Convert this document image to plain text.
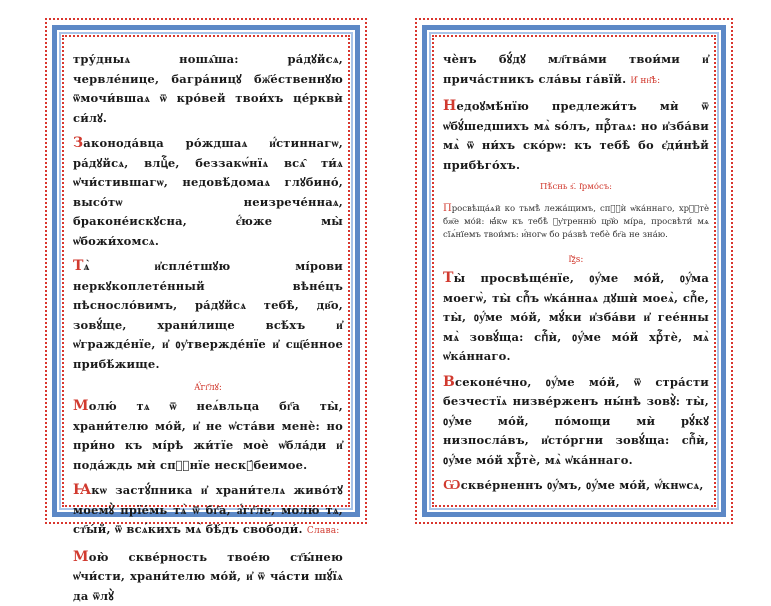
тру́дныѧ ношѧ̑ша: ра́дꙋйсѧ, червле́нице, багра́ницꙋ бж҃е́ственнꙋю ѿмочи́вшаѧ ѿ кро́вей твои́хъ це́рквѝ си́лꙋ.

Законода́вца ро́ждшаѧ и҆́стиннагѡ, ра́дꙋйсѧ, влцⷭ҇е, беззакѡ́нїѧ всѧ̑ ти́ѧ ѡ҆чи́стившагѡ, недовѣ́домаѧ глꙋбино́, высо́тѡ неизрече́ннаѧ, браконе́искꙋсна, є҆́юже мы̀ ѡ҆божи́хомсѧ.

Тѧ̀ и҆спле́тшꙋю мі́рови неркꙋкоплете́нный вѣне́цъ пѣсносло́вимъ, ра́дꙋйсѧ тебѣ̀, дв҃о, зовꙋ́ще, храни́лище всѣ́хъ и҆ ѡ҆гражде́нїе, и҆ ᲂу҆твержде́нїе и҆ сщ҃е́нное прибѣ́жище.

А҆́гг҃лꙋ:

Молю́ тѧ ѿ неѧ́вльца бг҃а ты̀, храни́телю мо́й, и҆ не ѡ҆ста́ви менѐ: но при́но къ мі́рѣ жи́тїе моѐ ѡ҆бла́ди и҆ пода́ждь мѝ спⷭ҇нїе нескꙋ́беимое.

Ꙗкѡ застꙋ́пника и҆ храни́телѧ живо́тꙋ моемꙋ̀ прїе́мь тѧ̀ ѿ бг҃а, а҆́гг҃ле, молю́ тѧ, ст҃ы́й, ѿ всѧ́кихъ мѧ̀ бѣ́дъ свободи́. Слава:

Мою̀ скве́рность твое́ю ст҃ы́нею ѡ҆чи́сти, храни́телю мо́й, и҆ ѿ ча́сти шꙋ́їѧ да ѿлꙋ̀

чѐнъ бꙋ́дꙋ мл҃тва́ми твои́ми и҆ прича́стникъ сла́вы га́вїй. И҆ нн҃ѣ:

Недоꙋмѣ́нїю предлежи́тъ мѝ ѿ ѡ҆бꙋ́шедшихъ мѧ̀ ѕо́лъ, прⷭ҇таѧ: но и҆зба́ви мѧ̀ ѿ ни́хъ ско́рѡ: къ тебѣ̀ бо є҆ди́нѣй прибѣго́хъ.

Пѣ́снь ѕ҃. І҆рмо́съ:

Просвѣща́ѧй ко тьмѣ̀ лежа́щимъ, спⷭ҇ѝ ѡ҆ка́ннаго, хрⷭ҇тѐ бж҃е мо́й: ꙗ҆́кѡ къ тебѣ̀ ᲂу҆тренню́ цр҃ю̀ мі́ра, просвѣти́ мѧ сїѧ́нїемъ твои́мъ: и҆́ногѡ бо ра́звѣ тебѐ бг҃а не зна́ю.

І҆ꙁ҃ѕ:

Ты̀ просвѣще́нїе, ᲂу҆́ме мо́й, ᲂу҆́ма моегѡ̀, ты̀ спⷭ҇ъ ѡ҆ка́ннаѧ дꙋшѝ моеѧ̀, спⷭ҇е, ты̀, ᲂу҆́ме мо́й, мꙋ́ки и҆зба́ви и҆ гее́нны мѧ̀ зовꙋ́ща: спⷭ҇ѝ, ᲂу҆́ме мо́й хрⷭ҇тѐ, мѧ̀ ѡ҆ка́ннаго.

Всеконе́чно, ᲂу҆́ме мо́й, ѿ стра́сти безчестїѧ низве́рженъ ны́нѣ зовꙋ̀: ты̀, ᲂу҆́ме мо́й, по́мощи мѝ рꙋ́кꙋ низпосла́въ, и҆сто́ргни зовꙋ́ща: спⷭ҇ѝ, ᲂу҆́ме мо́й хрⷭ҇тѐ, мѧ̀ ѡ҆ка́ннаго.

Ѡскве́рненнъ ᲂу҆́мъ, ᲂу҆́ме мо́й, ѡ҆́кнѡсѧ,
